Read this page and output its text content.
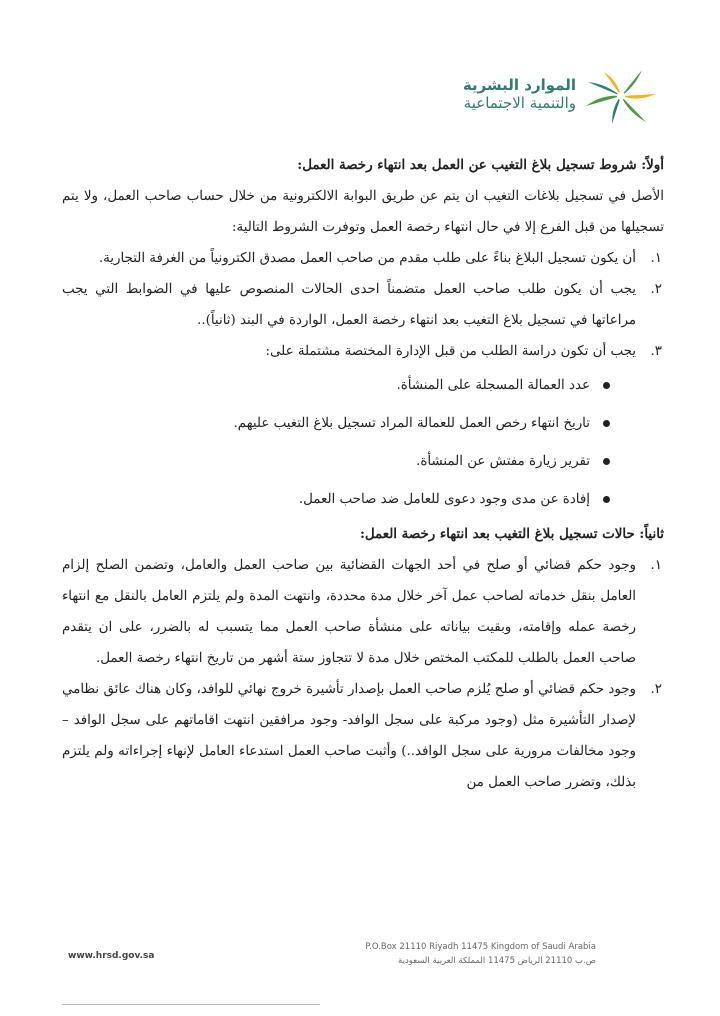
الموارد البشرية
والتنمية الاجتماعية

أولاً: شروط تسجيل بلاغ التغيب عن العمل بعد انتهاء رخصة العمل:

الأصل في تسجيل بلاغات التغيب ان يتم عن طريق البوابة الالكترونية من خلال حساب صاحب العمل، ولا يتم تسجيلها من قبل الفرع إلا في حال انتهاء رخصة العمل وتوفرت الشروط التالية:

١.
أن يكون تسجيل البلاغ بناءً على طلب مقدم من صاحب العمل مصدق الكترونياً من الغرفة التجارية.
٢.
يجب أن يكون طلب صاحب العمل متضمناً احدى الحالات المنصوص عليها في الضوابط التي يجب مراعاتها في تسجيل بلاغ التغيب بعد انتهاء رخصة العمل، الواردة في البند (ثانياً)..
٣.
يجب أن تكون دراسة الطلب من قبل الإدارة المختصة مشتملة على:
عدد العمالة المسجلة على المنشأة.
تاريخ انتهاء رخص العمل للعمالة المراد تسجيل بلاغ التغيب عليهم.
تقرير زيارة مفتش عن المنشأة.
إفادة عن مدى وجود دعوى للعامل ضد صاحب العمل.

ثانياً: حالات تسجيل بلاغ التغيب بعد انتهاء رخصة العمل:

١.
وجود حكم قضائي أو صلح في أحد الجهات القضائية بين صاحب العمل والعامل، وتضمن الصلح إلزام العامل بنقل خدماته لصاحب عمل آخر خلال مدة محددة، وانتهت المدة ولم يلتزم العامل بالنقل مع انتهاء رخصة عمله وإقامته، وبقيت بياناته على منشأة صاحب العمل مما يتسبب له بالضرر، على ان يتقدم صاحب العمل بالطلب للمكتب المختص خلال مدة لا تتجاوز ستة أشهر من تاريخ انتهاء رخصة العمل.
٢.
وجود حكم قضائي أو صلح يُلزم صاحب العمل بإصدار تأشيرة خروج نهائي للوافد، وكان هناك عائق نظامي لإصدار التأشيرة مثل (وجود مركبة على سجل الوافد- وجود مرافقين انتهت اقاماتهم على سجل الوافد –وجود مخالفات مرورية على سجل الوافد..) وأثبت صاحب العمل استدعاء العامل لإنهاء إجراءاته ولم يلتزم بذلك، وتضرر صاحب العمل من
www.hrsd.gov.sa
P.O.Box 21110 Riyadh 11475 Kingdom of Saudi Arabia
ص.ب 21110 الرياض 11475 المملكة العربية السعودية
